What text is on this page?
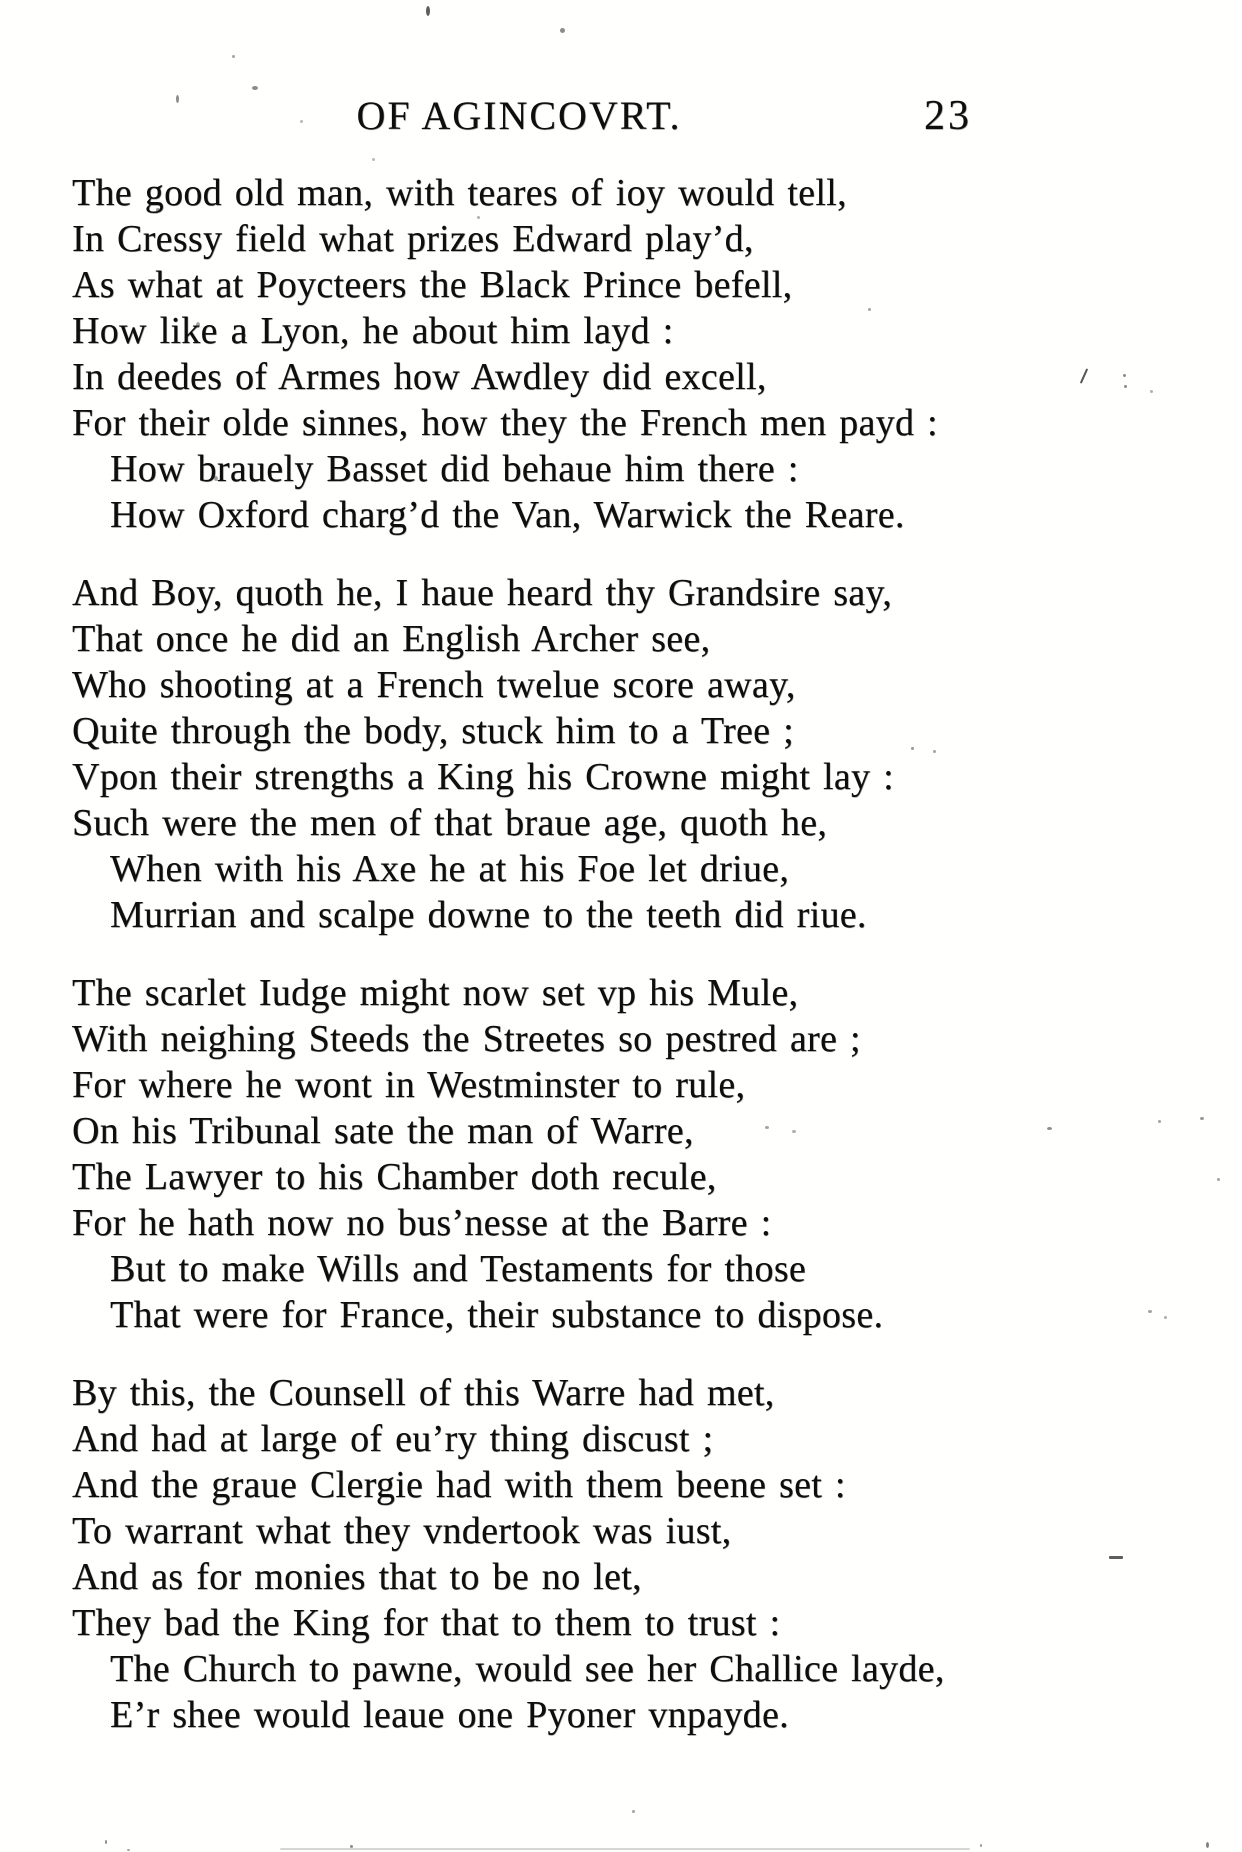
OF AGINCOVRT.	23
The good old man, with teares of ioy would tell,
In Cressy field what prizes Edward play’d,
As what at Poycteers the Black Prince befell,
How like a Lyon, he about him layd :
In deedes of Armes how Awdley did excell,
For their olde sinnes, how they the French men payd :
How brauely Basset did behaue him there :
How Oxford charg’d the Van, Warwick the Reare.
And Boy, quoth he, I haue heard thy Grandsire say,
That once he did an English Archer see,
Who shooting at a French twelue score away,
Quite through the body, stuck him to a Tree ;
Vpon their strengths a King his Crowne might lay :
Such were the men of that braue age, quoth he,
When with his Axe he at his Foe let driue,
Murrian and scalpe downe to the teeth did riue.
The scarlet Iudge might now set vp his Mule,
With neighing Steeds the Streetes so pestred are ;
For where he wont in Westminster to rule,
On his Tribunal sate the man of Warre,
The Lawyer to his Chamber doth recule,
For he hath now no bus’nesse at the Barre :
But to make Wills and Testaments for those
That were for France, their substance to dispose.
By this, the Counsell of this Warre had met,
And had at large of eu’ry thing discust ;
And the graue Clergie had with them beene set :
To warrant what they vndertook was iust,
And as for monies that to be no let,
They bad the King for that to them to trust :
The Church to pawne, would see her Challice layde,
E’r shee would leaue one Pyoner vnpayde.
